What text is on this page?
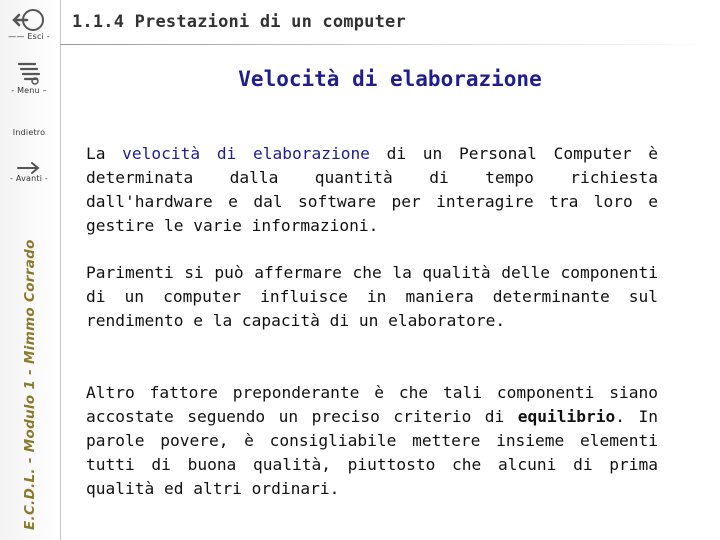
—— Esci -
- Menu –
Indietro
- Avanti -
E.C.D.L. - Modulo 1 - Mimmo Corrado
1.1.4 Prestazioni di un computer
Velocità di elaborazione
La velocità di elaborazione di un Personal Computer è determinata dalla quantità di tempo richiesta dall'hardware e dal software per interagire tra loro e gestire le varie informazioni.
Parimenti si può affermare che la qualità delle componenti di un computer influisce in maniera determinante sul rendimento e la capacità di un elaboratore.
Altro fattore preponderante è che tali componenti siano accostate seguendo un preciso criterio di equilibrio. In parole povere, è consigliabile mettere insieme elementi tutti di buona qualità, piuttosto che alcuni di prima qualità ed altri ordinari.
